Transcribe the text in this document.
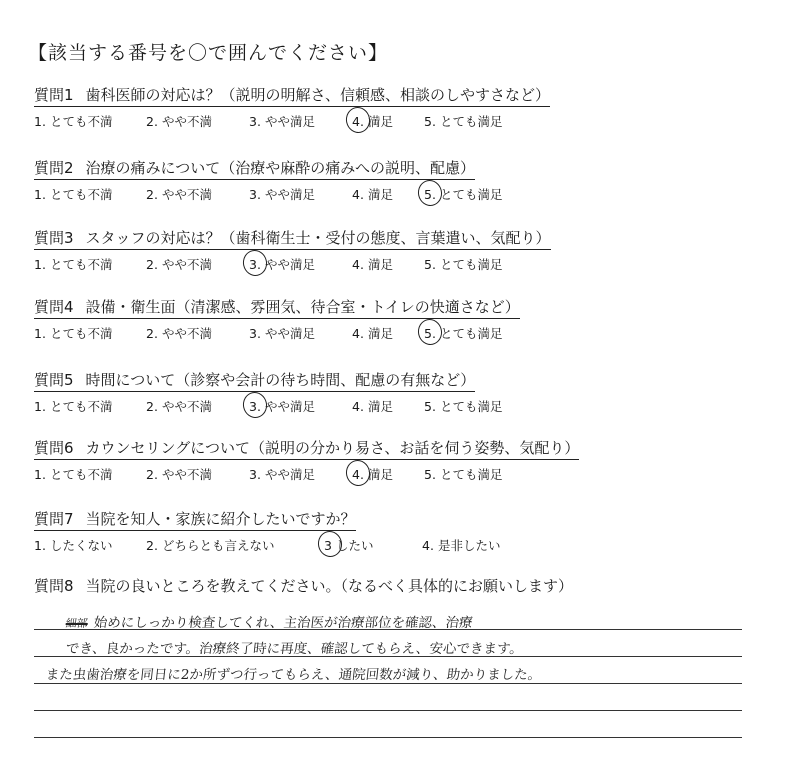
【該当する番号を〇で囲んでください】
質問1 歯科医師の対応は？（説明の明解さ、信頼感、相談のしやすさなど）
1. とても不満	2. やや不満	3. やや満足	4. 満足 5. とても満足
質問2 治療の痛みについて（治療や麻酔の痛みへの説明、配慮）
1. とても不満	2. やや不満	3. やや満足	4. 満足 5. とても満足
質問3 スタッフの対応は？（歯科衛生士・受付の態度、言葉遣い、気配り）
1. とても不満	2. やや不満	3. やや満足	4. 満足 5. とても満足
質問4 設備・衛生面（清潔感、雰囲気、待合室・トイレの快適さなど）
1. とても不満	2. やや不満	3. やや満足	4. 満足 5. とても満足
質問5 時間について（診察や会計の待ち時間、配慮の有無など）
1. とても不満	2. やや不満	3. やや満足	4. 満足 5. とても満足
質問6 カウンセリングについて（説明の分かり易さ、お話を伺う姿勢、気配り）
1. とても不満	2. やや不満	3. やや満足	4. 満足 5. とても満足
質問7 当院を知人・家族に紹介したいですか？
1. したくない	2. どちらとも言えない	3 したい	4. 是非したい
質問8 当院の良いところを教えてください。（なるべく具体的にお願いします）
細部 始めにしっかり検査してくれ、主治医が治療部位を確認、治療
でき、良かったです。治療終了時に再度、確認してもらえ、安心できます。
また虫歯治療を同日に2か所ずつ行ってもらえ、通院回数が減り、助かりました。
